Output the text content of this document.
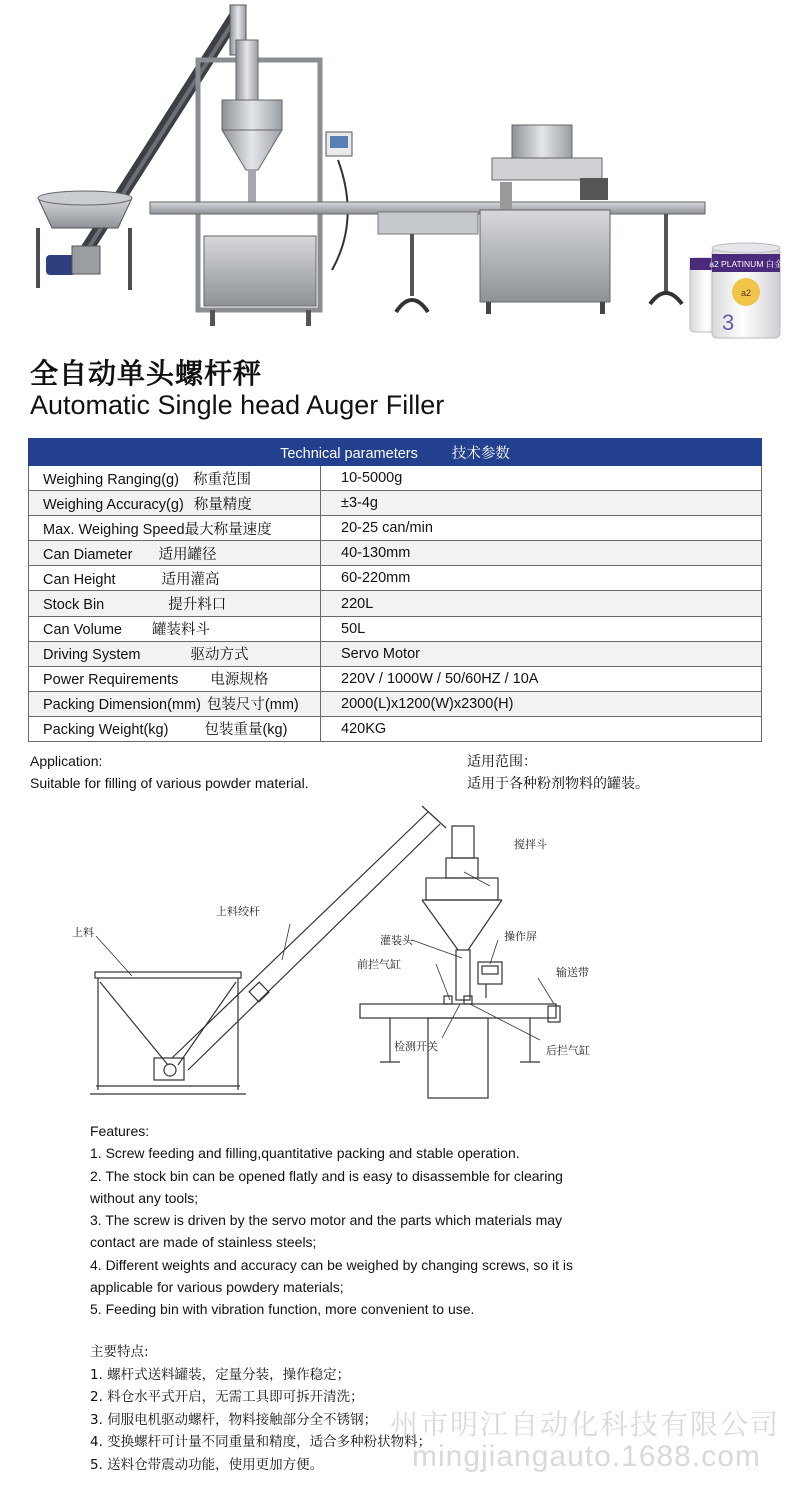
a2 PLATINUM 白金
a2
3
全自动单头螺杆秤
Automatic Single head Auger Filler
Technical parameters 技术参数	
Weighing Ranging(g) 称重范围	10-5000g
Weighing Accuracy(g) 称量精度	±3-4g
Max. Weighing Speed最大称量速度	20-25 can/min
Can Diameter 适用罐径	40-130mm
Can Height 适用灌高	60-220mm
Stock Bin 提升料口	220L
Can Volume 罐装料斗	50L
Driving System 驱动方式	Servo Motor
Power Requirements 电源规格	220V / 1000W / 50/60HZ / 10A
Packing Dimension(mm) 包装尺寸(mm)	2000(L)x1200(W)x2300(H)
Packing Weight(kg) 包装重量(kg)	420KG
Application:
Suitable for filling of various powder material.
适用范围：
适用于各种粉剂物料的罐装。
上料
上料绞杆
搅拌斗
灌装头
前拦气缸
操作屏
输送带
检测开关	后拦气缸
Features:
1. Screw feeding and filling,quantitative packing and stable operation.
2. The stock bin can be opened flatly and is easy to disassemble for clearing without any tools;
3. The screw is driven by the servo motor and the parts which materials may contact are made of stainless steels;
4. Different weights and accuracy can be weighed by changing screws, so it is applicable for various powdery materials;
5. Feeding bin with vibration function, more convenient to use.
主要特点:
1. 螺杆式送料罐装，定量分装，操作稳定；
2. 料仓水平式开启，无需工具即可拆开清洗；
3. 伺服电机驱动螺杆，物料接触部分全不锈钢；
4. 变换螺杆可计量不同重量和精度，适合多种粉状物料；
5. 送料仓带震动功能，使用更加方便。
州市明江自动化科技有限公司
mingjiangauto.1688.com
